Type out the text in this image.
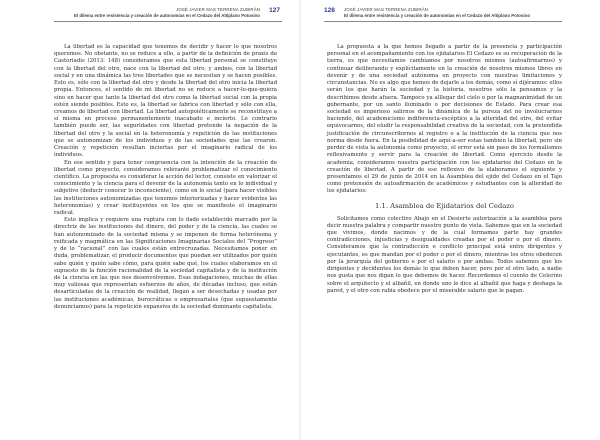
JOSÉ JAVIER MAS TERRENA ZUBIRÁN
El dilema entre resistencia y creación de autonomías en el Cedazo del Altiplano Potosino
127

La libertad es la capacidad que tenemos de decidir y hacer lo que nosotros queremos. No obstante, no se reduce a ello, a partir de la definición de praxis de Castoriadis (2013: 148) consideramos que esta libertad personal se constituye con la libertad del otro, nace con la libertad del otro, y ambos, con la libertad social y en una dinámica las tres libertades que se necesitan y se hacen posibles. Esto es, sólo con la libertad del otro y desde la libertad del otro inicia la libertad propia. Entonces, el sentido de mi libertad no se reduce a hacer-lo-que-quiera sino en hacer que tanto la libertad del otro como la libertad social con la propia estén siendo posibles. Esto es, la libertad se fabrica con libertad y sólo con ella, creamos de libertad con libertad. La libertad autopoiéticamente se reconstituye a sí misma en proceso permanentemente inacabado e incierto. Lo contrario también puede ser, las seguridades con libertad pretende la negación de la libertad del otro y la social en la heteronomía y repetición de las instituciones que se autonomizan de los individuos y de las sociedades que las crearon. Creación y repetición resultan inciertas por el imaginario radical de los individuos.

En ese sentido y para tener congruencia con la intención de la creación de libertad como proyecto, consideramos relevante problematizar el conocimiento científico. La propuesta es considerar la acción del lector, consiste en valorizar el conocimiento y la ciencia para el devenir de la autonomía tanto en lo individual y subjetivo (deducir conocer lo inconsciente), como en lo social (para hacer visibles las instituciones autonomizadas que tenemos interiorizadas y hacer evidentes las heteronomías) y crear instituyentes en los que se manifieste el imaginario radical.

Esto implica y requiere una ruptura con lo dado establecido marcado por la directriz de las instituciones del dinero, del poder y de la ciencia, las cuales se han autonomizado de la sociedad misma y se imponen de forma heterónoma y reificada y magmática en las Significaciones Imaginarias Sociales del “Progreso” y de lo “racional” con las cuales están entrecruzadas. Necesitamos poner en duda, problematizar, el producir documentos que puedan ser utilizados por quién sabe quién y quién sabe cómo, para quién sabe qué, los cuales elaboramos en el supuesto de la función racionalidad de la sociedad capitalista y de la institución de la ciencia en las que nos desenvolvemos. Esas indagaciones, muchas de ellas muy valiosas que representan esfuerzos de años, de décadas incluso, que están desarticuladas de la creación de realidad, llegan a ser desechadas y usadas por las instituciones académicas, burocráticas o empresariales (que supuestamente denunciamos) para la repetición expansiva de la sociedad dominante capitalista.

128 JOSÉ JAVIER MAS TERRENA ZUBIRÁN
El dilema entre resistencia y creación de autonomías en el Cedazo del Altiplano Potosino

La propuesta a la que hemos llegado a partir de la presencia y participación personal en el acompañamiento con los ejidatarios El Cedazo es su recuperación de la tierra, es que necesitamos cambiamos por nosotros mismos (autoafirmarnos) y continuar deliberando y explícitamente en la creación de nosotros mismos libres en devenir y de una sociedad autónoma en proyecto con nuestras limitaciones y circunstancias. No es algo que hemos de dejarle a los demás, como sí dijéramos: ellos serán los que harán la sociedad y la historia, nosotros sólo la pensamos y la describimos desde afuera. Tampoco ya alllegar del cielo o por la magnanimidad de un gobernante, por un santo iluminado o por decisiones de Estado. Para crear esa sociedad es imperioso salirnos de la dinámica de la pureza del no involucrarnos haciendo, del academicismo indiferencia-escéptico a la alteridad del otro, del evitar equivocarnos, del eludir la responsabilidad creativa de la sociedad, con la pretendida justificación de circunscribirnos al registro o a la institución de la ciencia que nos norma desde fuera. En la posibilidad de aquí-a-ser estas también la libertad, pero sin perder de vista la autonomía como proyecto, el error está sin paso de los formalismos reflexivamente y servir para la creación de libertad. Como ejercicio desde la academia, consideramos nuestra participación con los ejidatarios del Cedazo en la creación de libertad. A partir de ese reflexivo de la elaboramos el siguiente y presentamos el 29 de junio de 2014 en la Asamblea del ejido del Cedazo en el Tajo como pretensión de autoafirmación de académicos y estudiantes con la alteridad de los ejidatarios:

1.1. Asamblea de Ejidatarios del Cedazo

Solicitamos como colectivo Abajo en el Desierto autorización a la asamblea para decir nuestra palabra y compartir nuestro punto de vista. Sabemos que en la sociedad que vivimos, donde nacimos y de la cual formamos parte hay grandes contradicciones, injusticias y desigualdades creadas por el poder o por el dinero. Consideramos que la contradicción o conflicto principal está entre dirigentes y ejecutantes, es que mandan por el poder o por el dinero, mientras los otros obedecen por la jerarquía del gobierno o por el salario o por ambas. Todos sabemos que los dirigentes y decidentes los demás lo que deben hacer, pero por el otro lado, a nadie nos gusta que nos digan lo que debemos de hacer. Recordemos el cuento de Celerino sobre el arquitecto y el albañil, en donde uno le dice al albañil que haga y deshaga la pared, y el otro con rabia obedece por el miserable salario que le pagan.
